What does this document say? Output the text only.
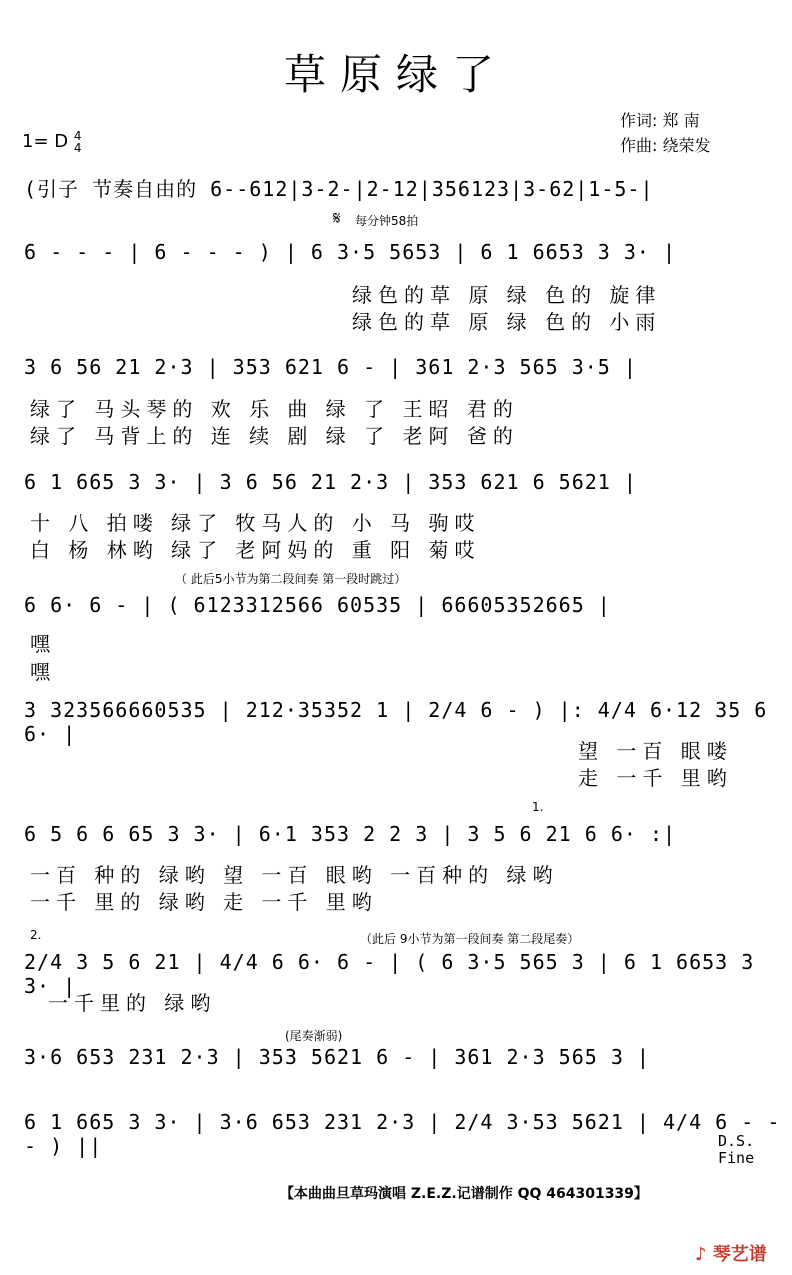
草原绿了
作词: 郑 南
作曲: 绕荣发
1= D 4
4
𝄋 每分钟58拍
(引子 节奏自由的 6--612|3-2-|2-12|356123|3-62|1-5-|
6 - - - | 6 - - - ) | 6 3·5 5653 | 6 1 6653 3 3· |
绿色的草 原 绿 色的 旋律
绿色的草 原 绿 色的 小雨
3 6 56 21 2·3 | 353 621 6 - | 361 2·3 565 3·5 |
绿了 马头琴的 欢 乐 曲 绿 了 王昭 君的
绿了 马背上的 连 续 剧 绿 了 老阿 爸的
6 1 665 3 3· | 3 6 56 21 2·3 | 353 621 6 5621 |
十 八 拍喽 绿了 牧马人的 小 马 驹哎
白 杨 林哟 绿了 老阿妈的 重 阳 菊哎
（ 此后5小节为第二段间奏 第一段时跳过）
6 6· 6 - | ( 6123312566 60535 | 66605352665 |
嘿
嘿
3 323566660535 | 212·35352 1 | 2/4 6 - ) |: 4/4 6·12 35 6 6· |
望 一百 眼喽
走 一千 里哟
1.
6 5 6 6 65 3 3· | 6·1 353 2 2 3 | 3 5 6 21 6 6· :|
一百 种的 绿哟 望 一百 眼哟 一百种的 绿哟
一千 里的 绿哟 走 一千 里哟
2.	（此后 9小节为第一段间奏 第二段尾奏）
2/4 3 5 6 21 | 4/4 6 6· 6 - | ( 6 3·5 565 3 | 6 1 6653 3 3· |
一千里的 绿哟
(尾奏渐弱)
3·6 653 231 2·3 | 353 5621 6 - | 361 2·3 565 3 |
6 1 665 3 3· | 3·6 653 231 2·3 | 2/4 3·53 5621 | 4/4 6 - - - ) ||	D.S.
Fine
【本曲曲旦草玛演唱 Z.E.Z.记谱制作 QQ 464301339】
♪ 琴艺谱
